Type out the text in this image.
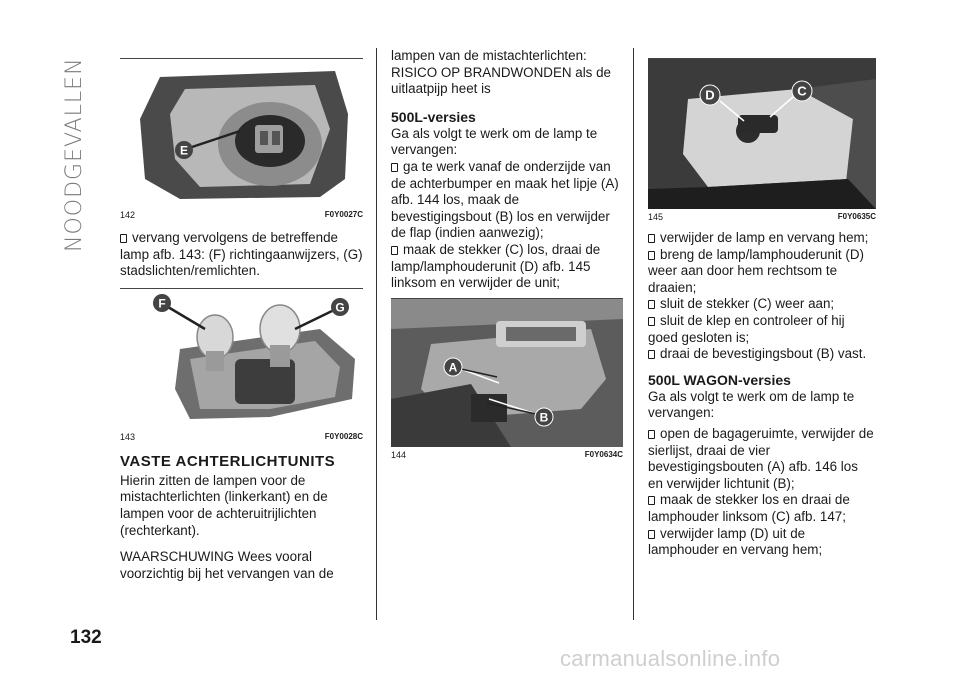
NOODGEVALLEN
132
carmanualsonline.info
E
142	F0Y0027C

vervang vervolgens de betreffende lamp afb. 143: (F) richtingaanwijzers, (G) stadslichten/remlichten.

F	G
143	F0Y0028C
VASTE ACHTERLICHTUNITS

Hierin zitten de lampen voor de mistachterlichten (linkerkant) en de lampen voor de achteruitrijlichten (rechterkant).

WAARSCHUWING Wees vooral voorzichtig bij het vervangen van de

lampen van de mistachterlichten: RISICO OP BRANDWONDEN als de uitlaatpijp heet is

500L-versies

Ga als volgt te werk om de lamp te vervangen:

ga te werk vanaf de onderzijde van de achterbumper en maak het lipje (A) afb. 144 los, maak de bevestigingsbout (B) los en verwijder de flap (indien aanwezig);

maak de stekker (C) los, draai de lamp/lamphouderunit (D) afb. 145 linksom en verwijder de unit;

A
B
144	F0Y0634C
D	C
145	F0Y0635C

verwijder de lamp en vervang hem;

breng de lamp/lamphouderunit (D) weer aan door hem rechtsom te draaien;

sluit de stekker (C) weer aan;

sluit de klep en controleer of hij goed gesloten is;

draai de bevestigingsbout (B) vast.

500L WAGON-versies

Ga als volgt te werk om de lamp te vervangen:

open de bagageruimte, verwijder de sierlijst, draai de vier bevestigingsbouten (A) afb. 146 los en verwijder lichtunit (B);

maak de stekker los en draai de lamphouder linksom (C) afb. 147;

verwijder lamp (D) uit de lamphouder en vervang hem;
